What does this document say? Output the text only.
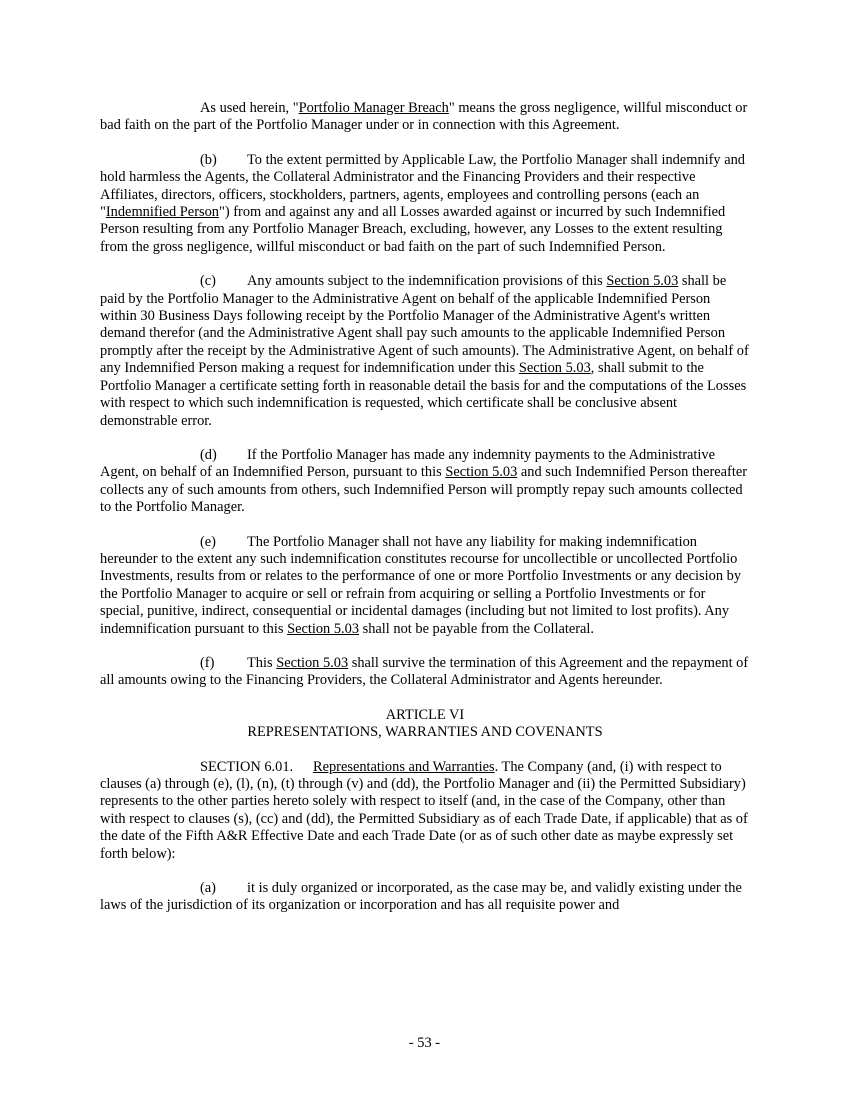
As used herein, "Portfolio Manager Breach" means the gross negligence, willful misconduct or bad faith on the part of the Portfolio Manager under or in connection with this Agreement.

(b) To the extent permitted by Applicable Law, the Portfolio Manager shall indemnify and hold harmless the Agents, the Collateral Administrator and the Financing Providers and their respective Affiliates, directors, officers, stockholders, partners, agents, employees and controlling persons (each an "Indemnified Person") from and against any and all Losses awarded against or incurred by such Indemnified Person resulting from any Portfolio Manager Breach, excluding, however, any Losses to the extent resulting from the gross negligence, willful misconduct or bad faith on the part of such Indemnified Person.

(c) Any amounts subject to the indemnification provisions of this Section 5.03 shall be paid by the Portfolio Manager to the Administrative Agent on behalf of the applicable Indemnified Person within 30 Business Days following receipt by the Portfolio Manager of the Administrative Agent's written demand therefor (and the Administrative Agent shall pay such amounts to the applicable Indemnified Person promptly after the receipt by the Administrative Agent of such amounts). The Administrative Agent, on behalf of any Indemnified Person making a request for indemnification under this Section 5.03, shall submit to the Portfolio Manager a certificate setting forth in reasonable detail the basis for and the computations of the Losses with respect to which such indemnification is requested, which certificate shall be conclusive absent demonstrable error.

(d) If the Portfolio Manager has made any indemnity payments to the Administrative Agent, on behalf of an Indemnified Person, pursuant to this Section 5.03 and such Indemnified Person thereafter collects any of such amounts from others, such Indemnified Person will promptly repay such amounts collected to the Portfolio Manager.

(e) The Portfolio Manager shall not have any liability for making indemnification hereunder to the extent any such indemnification constitutes recourse for uncollectible or uncollected Portfolio Investments, results from or relates to the performance of one or more Portfolio Investments or any decision by the Portfolio Manager to acquire or sell or refrain from acquiring or selling a Portfolio Investments or for special, punitive, indirect, consequential or incidental damages (including but not limited to lost profits). Any indemnification pursuant to this Section 5.03 shall not be payable from the Collateral.

(f) This Section 5.03 shall survive the termination of this Agreement and the repayment of all amounts owing to the Financing Providers, the Collateral Administrator and Agents hereunder.

ARTICLE VI

REPRESENTATIONS, WARRANTIES AND COVENANTS

SECTION 6.01. Representations and Warranties. The Company (and, (i) with respect to clauses (a) through (e), (l), (n), (t) through (v) and (dd), the Portfolio Manager and (ii) the Permitted Subsidiary) represents to the other parties hereto solely with respect to itself (and, in the case of the Company, other than with respect to clauses (s), (cc) and (dd), the Permitted Subsidiary as of each Trade Date, if applicable) that as of the date of the Fifth A&R Effective Date and each Trade Date (or as of such other date as maybe expressly set forth below):

(a) it is duly organized or incorporated, as the case may be, and validly existing under the laws of the jurisdiction of its organization or incorporation and has all requisite power and

- 53 -
